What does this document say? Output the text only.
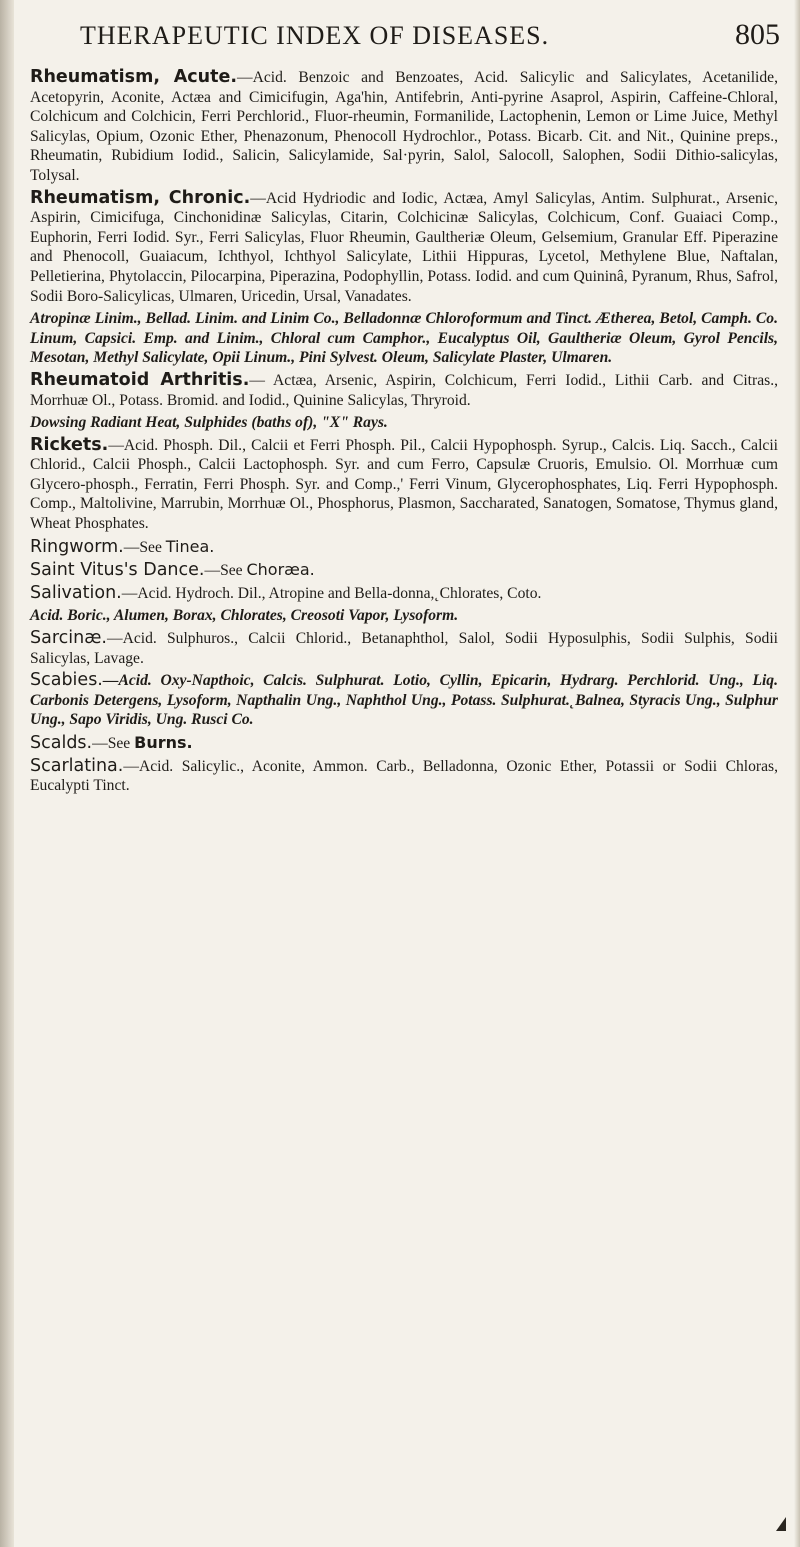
THERAPEUTIC INDEX OF DISEASES.	805

Rheumatism, Acute.—Acid. Benzoic and Benzoates, Acid. Salicylic and Salicylates, Acetanilide, Acetopyrin, Aconite, Actæa and Cimicifugin, Aga'hin, Antifebrin, Anti-pyrine Asaprol, Aspirin, Caffeine-Chloral, Colchicum and Colchicin, Ferri Perchlorid., Fluor-rheumin, Formanilide, Lactophenin, Lemon or Lime Juice, Methyl Salicylas, Opium, Ozonic Ether, Phenazonum, Phenocoll Hydrochlor., Potass. Bicarb. Cit. and Nit., Quinine preps., Rheumatin, Rubidium Iodid., Salicin, Salicylamide, Sal·pyrin, Salol, Salocoll, Salophen, Sodii Dithio-salicylas, Tolysal.

Rheumatism, Chronic.—Acid Hydriodic and Iodic, Actæa, Amyl Salicylas, Antim. Sulphurat., Arsenic, Aspirin, Cimicifuga, Cinchonidinæ Salicylas, Citarin, Colchicinæ Salicylas, Colchicum, Conf. Guaiaci Comp., Euphorin, Ferri Iodid. Syr., Ferri Salicylas, Fluor Rheumin, Gaultheriæ Oleum, Gelsemium, Granular Eff. Piperazine and Phenocoll, Guaiacum, Ichthyol, Ichthyol Salicylate, Lithii Hippuras, Lycetol, Methylene Blue, Naftalan, Pelletierina, Phytolaccin, Pilocarpina, Piperazina, Podophyllin, Potass. Iodid. and cum Quininâ, Pyranum, Rhus, Safrol, Sodii Boro-Salicylicas, Ulmaren, Uricedin, Ursal, Vanadates.

Atropinæ Linim., Bellad. Linim. and Linim Co., Belladonnæ Chloroformum and Tinct. Ætherea, Betol, Camph. Co. Linum, Capsici. Emp. and Linim., Chloral cum Camphor., Eucalyptus Oil, Gaultheriæ Oleum, Gyrol Pencils, Mesotan, Methyl Salicylate, Opii Linum., Pini Sylvest. Oleum, Salicylate Plaster, Ulmaren.

Rheumatoid Arthritis.— Actæa, Arsenic, Aspirin, Colchicum, Ferri Iodid., Lithii Carb. and Citras., Morrhuæ Ol., Potass. Bromid. and Iodid., Quinine Salicylas, Thryroid.

Dowsing Radiant Heat, Sulphides (baths of), "X" Rays.

Rickets.—Acid. Phosph. Dil., Calcii et Ferri Phosph. Pil., Calcii Hypophosph. Syrup., Calcis. Liq. Sacch., Calcii Chlorid., Calcii Phosph., Calcii Lactophosph. Syr. and cum Ferro, Capsulæ Cruoris, Emulsio. Ol. Morrhuæ cum Glycero-phosph., Ferratin, Ferri Phosph. Syr. and Comp.,' Ferri Vinum, Glycerophosphates, Liq. Ferri Hypophosph. Comp., Maltolivine, Marrubin, Morrhuæ Ol., Phosphorus, Plasmon, Saccharated, Sanatogen, Somatose, Thymus gland, Wheat Phosphates.

Ringworm.—See Tinea.

Saint Vitus's Dance.—See Choræa.

Salivation.—Acid. Hydroch. Dil., Atropine and Bella-donna,˛Chlorates, Coto.

Acid. Boric., Alumen, Borax, Chlorates, Creosoti Vapor, Lysoform.

Sarcinæ.—Acid. Sulphuros., Calcii Chlorid., Betanaphthol, Salol, Sodii Hyposulphis, Sodii Sulphis, Sodii Salicylas, Lavage.

Scabies.—Acid. Oxy-Napthoic, Calcis. Sulphurat. Lotio, Cyllin, Epicarin, Hydrarg. Perchlorid. Ung., Liq. Carbonis Detergens, Lysoform, Napthalin Ung., Naphthol Ung., Potass. Sulphurat.˛Balnea, Styracis Ung., Sulphur Ung., Sapo Viridis, Ung. Rusci Co.

Scalds.—See Burns.

Scarlatina.—Acid. Salicylic., Aconite, Ammon. Carb., Belladonna, Ozonic Ether, Potassii or Sodii Chloras, Eucalypti Tinct.
